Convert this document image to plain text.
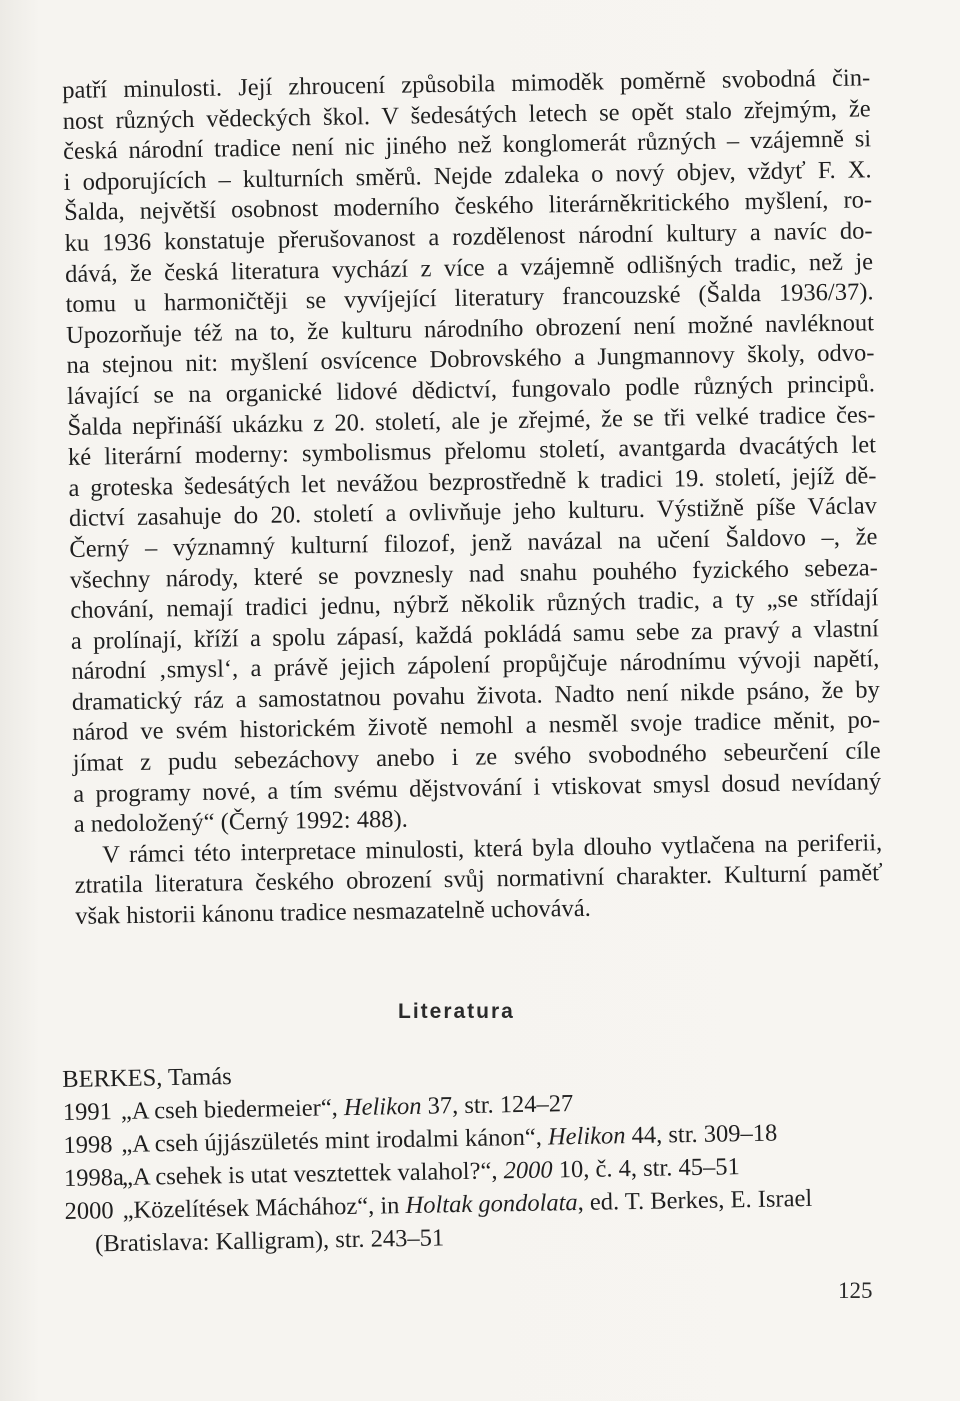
patří minulosti. Její zhroucení způsobila mimoděk poměrně svobodná čin-
nost různých vědeckých škol. V šedesátých letech se opět stalo zřejmým, že
česká národní tradice není nic jiného než konglomerát různých – vzájemně si
i odporujících – kulturních směrů. Nejde zdaleka o nový objev, vždyť F. X.
Šalda, největší osobnost moderního českého literárněkritického myšlení, ro-
ku 1936 konstatuje přerušovanost a rozdělenost národní kultury a navíc do-
dává, že česká literatura vychází z více a vzájemně odlišných tradic, než je
tomu u harmoničtěji se vyvíjející literatury francouzské (Šalda 1936/37).
Upozorňuje též na to, že kulturu národního obrození není možné navléknout
na stejnou nit: myšlení osvícence Dobrovského a Jungmannovy školy, odvo-
lávající se na organické lidové dědictví, fungovalo podle různých principů.
Šalda nepřináší ukázku z 20. století, ale je zřejmé, že se tři velké tradice čes-
ké literární moderny: symbolismus přelomu století, avantgarda dvacátých let
a groteska šedesátých let nevážou bezprostředně k tradici 19. století, jejíž dě-
dictví zasahuje do 20. století a ovlivňuje jeho kulturu. Výstižně píše Václav
Černý – významný kulturní filozof, jenž navázal na učení Šaldovo –, že
všechny národy, které se povznesly nad snahu pouhého fyzického sebeza-
chování, nemají tradici jednu, nýbrž několik různých tradic, a ty „se střídají
a prolínají, kříží a spolu zápasí, každá pokládá samu sebe za pravý a vlastní
národní ‚smysl‘, a právě jejich zápolení propůjčuje národnímu vývoji napětí,
dramatický ráz a samostatnou povahu života. Nadto není nikde psáno, že by
národ ve svém historickém životě nemohl a nesměl svoje tradice měnit, po-
jímat z pudu sebezáchovy anebo i ze svého svobodného sebeurčení cíle
a programy nové, a tím svému dějstvování i vtiskovat smysl dosud nevídaný
a nedoložený“ (Černý 1992: 488).
V rámci této interpretace minulosti, která byla dlouho vytlačena na periferii,
ztratila literatura českého obrození svůj normativní charakter. Kulturní paměť
však historii kánonu tradice nesmazatelně uchovává.
Literatura
BERKES, Tamás
1991 „A cseh biedermeier“, Helikon 37, str. 124–27
1998 „A cseh újjászületés mint irodalmi kánon“, Helikon 44, str. 309–18
1998a„A csehek is utat vesztettek valahol?“, 2000 10, č. 4, str. 45–51
2000 „Közelítések Máchához“, in Holtak gondolata, ed. T. Berkes, E. Israel
(Bratislava: Kalligram), str. 243–51
125
